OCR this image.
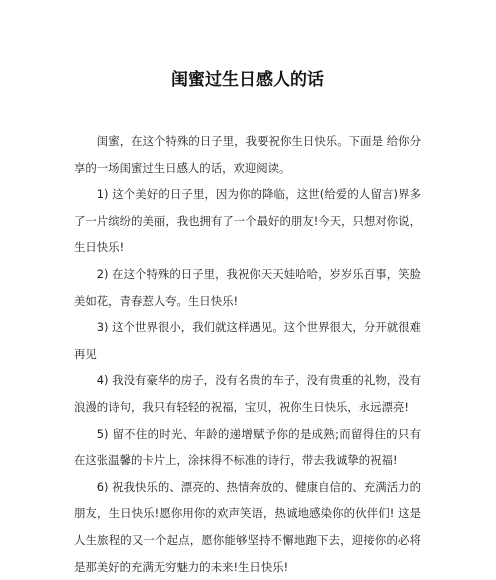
闺蜜过生日感人的话

闺蜜，在这个特殊的日子里，我要祝你生日快乐。下面是 给你分享的一场闺蜜过生日感人的话，欢迎阅读。

1) 这个美好的日子里，因为你的降临，这世(给爱的人留言)界多了一片缤纷的美丽，我也拥有了一个最好的朋友!今天，只想对你说，生日快乐!

2) 在这个特殊的日子里，我祝你天天娃哈哈，岁岁乐百事，笑脸美如花，青春惹人夸。生日快乐!

3) 这个世界很小，我们就这样遇见。这个世界很大，分开就很难再见

4) 我没有豪华的房子，没有名贵的车子，没有贵重的礼物，没有浪漫的诗句，我只有轻轻的祝福，宝贝，祝你生日快乐，永远漂亮!

5) 留不住的时光、年龄的递增赋予你的是成熟;而留得住的只有在这张温馨的卡片上，涂抹得不标准的诗行，带去我诚挚的祝福!

6) 祝我快乐的、漂亮的、热情奔放的、健康自信的、充满活力的朋友，生日快乐!愿你用你的欢声笑语，热诚地感染你的伙伴们! 这是人生旅程的又一个起点，愿你能够坚持不懈地跑下去，迎接你的必将是那美好的充满无穷魅力的未来!生日快乐!
